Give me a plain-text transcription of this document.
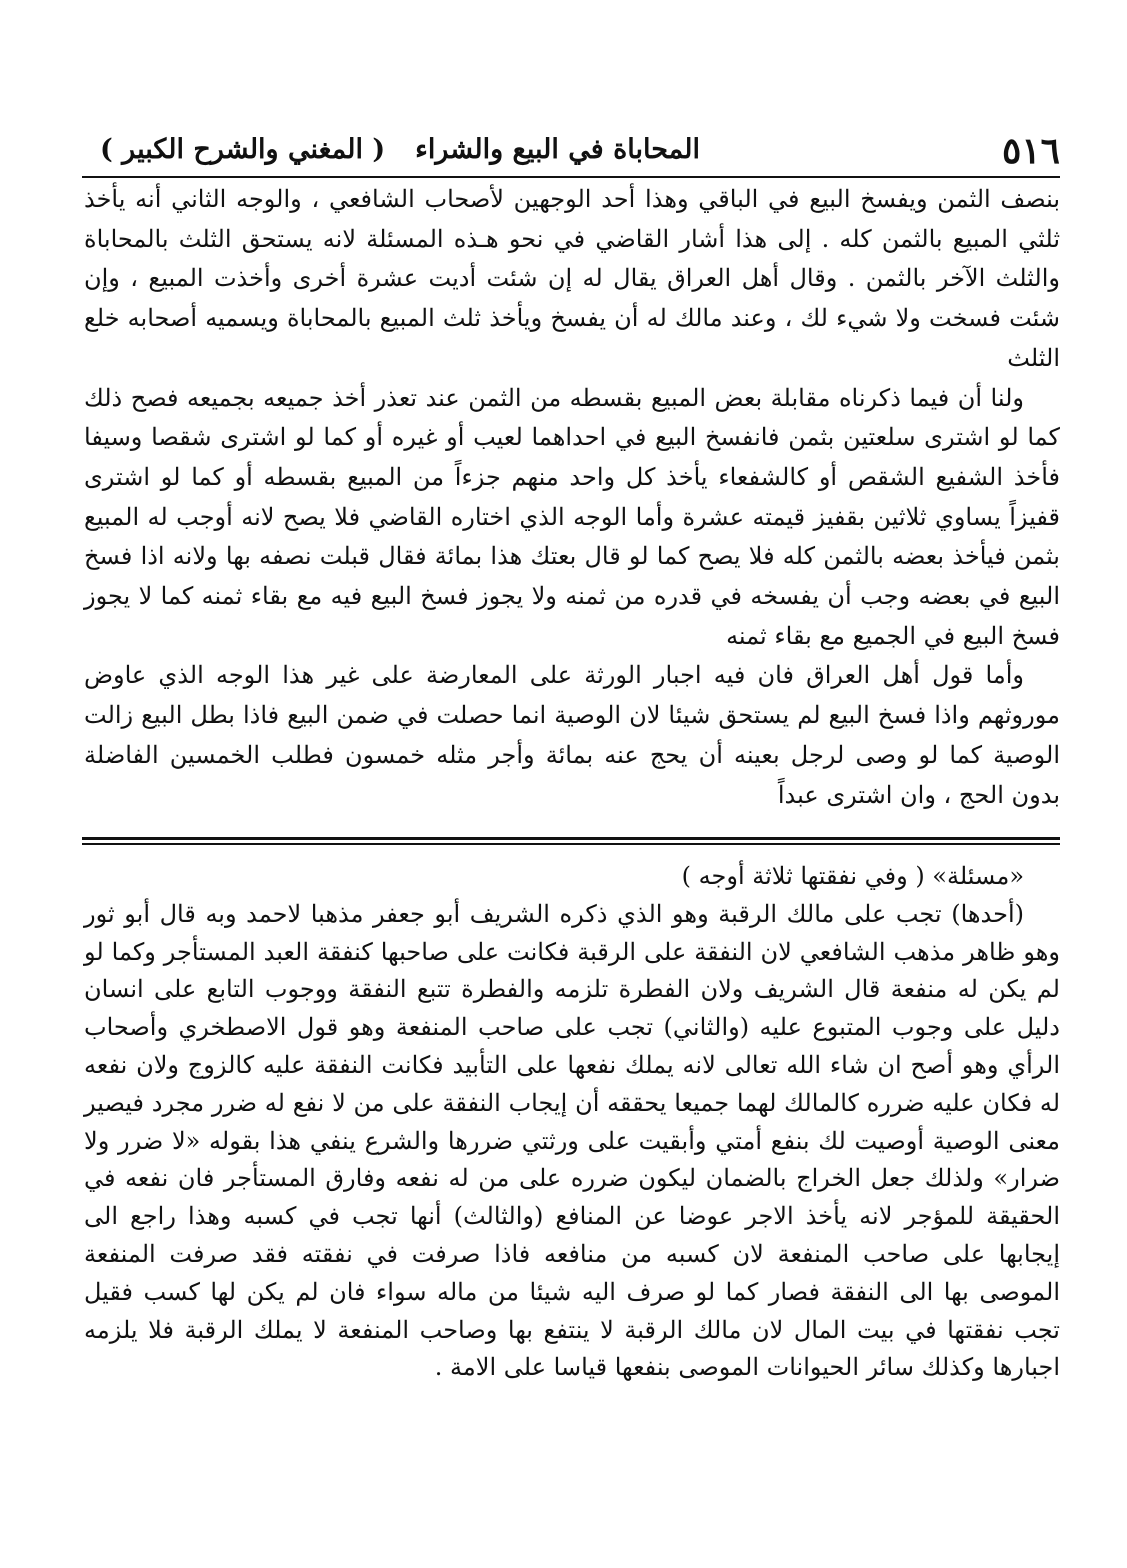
٥١٦
المحاباة في البيع والشراء
( المغني والشرح الكبير )

بنصف الثمن ويفسخ البيع في الباقي وهذا أحد الوجهين لأصحاب الشافعي ، والوجه الثاني أنه يأخذ ثلثي المبيع بالثمن كله . إلى هذا أشار القاضي في نحو هـذه المسئلة لانه يستحق الثلث بالمحاباة والثلث الآخر بالثمن . وقال أهل العراق يقال له إن شئت أديت عشرة أخرى وأخذت المبيع ، وإن شئت فسخت ولا شيء لك ، وعند مالك له أن يفسخ ويأخذ ثلث المبيع بالمحاباة ويسميه أصحابه خلع الثلث

ولنا أن فيما ذكرناه مقابلة بعض المبيع بقسطه من الثمن عند تعذر أخذ جميعه بجميعه فصح ذلك كما لو اشترى سلعتين بثمن فانفسخ البيع في احداهما لعيب أو غيره أو كما لو اشترى شقصا وسيفا فأخذ الشفيع الشقص أو كالشفعاء يأخذ كل واحد منهم جزءاً من المبيع بقسطه أو كما لو اشترى قفيزاً يساوي ثلاثين بقفيز قيمته عشرة وأما الوجه الذي اختاره القاضي فلا يصح لانه أوجب له المبيع بثمن فيأخذ بعضه بالثمن كله فلا يصح كما لو قال بعتك هذا بمائة فقال قبلت نصفه بها ولانه اذا فسخ البيع في بعضه وجب أن يفسخه في قدره من ثمنه ولا يجوز فسخ البيع فيه مع بقاء ثمنه كما لا يجوز فسخ البيع في الجميع مع بقاء ثمنه

وأما قول أهل العراق فان فيه اجبار الورثة على المعارضة على غير هذا الوجه الذي عاوض موروثهم واذا فسخ البيع لم يستحق شيئا لان الوصية انما حصلت في ضمن البيع فاذا بطل البيع زالت الوصية كما لو وصى لرجل بعينه أن يحج عنه بمائة وأجر مثله خمسون فطلب الخمسين الفاضلة بدون الحج ، وان اشترى عبداً

«مسئلة» ( وفي نفقتها ثلاثة أوجه )

(أحدها) تجب على مالك الرقبة وهو الذي ذكره الشريف أبو جعفر مذهبا لاحمد وبه قال أبو ثور وهو ظاهر مذهب الشافعي لان النفقة على الرقبة فكانت على صاحبها كنفقة العبد المستأجر وكما لو لم يكن له منفعة قال الشريف ولان الفطرة تلزمه والفطرة تتبع النفقة ووجوب التابع على انسان دليل على وجوب المتبوع عليه (والثاني) تجب على صاحب المنفعة وهو قول الاصطخري وأصحاب الرأي وهو أصح ان شاء الله تعالى لانه يملك نفعها على التأبيد فكانت النفقة عليه كالزوج ولان نفعه له فكان عليه ضرره كالمالك لهما جميعا يحققه أن إيجاب النفقة على من لا نفع له ضرر مجرد فيصير معنى الوصية أوصيت لك بنفع أمتي وأبقيت على ورثتي ضررها والشرع ينفي هذا بقوله «لا ضرر ولا ضرار» ولذلك جعل الخراج بالضمان ليكون ضرره على من له نفعه وفارق المستأجر فان نفعه في الحقيقة للمؤجر لانه يأخذ الاجر عوضا عن المنافع (والثالث) أنها تجب في كسبه وهذا راجع الى إيجابها على صاحب المنفعة لان كسبه من منافعه فاذا صرفت في نفقته فقد صرفت المنفعة الموصى بها الى النفقة فصار كما لو صرف اليه شيئا من ماله سواء فان لم يكن لها كسب فقيل تجب نفقتها في بيت المال لان مالك الرقبة لا ينتفع بها وصاحب المنفعة لا يملك الرقبة فلا يلزمه اجبارها وكذلك سائر الحيوانات الموصى بنفعها قياسا على الامة .
